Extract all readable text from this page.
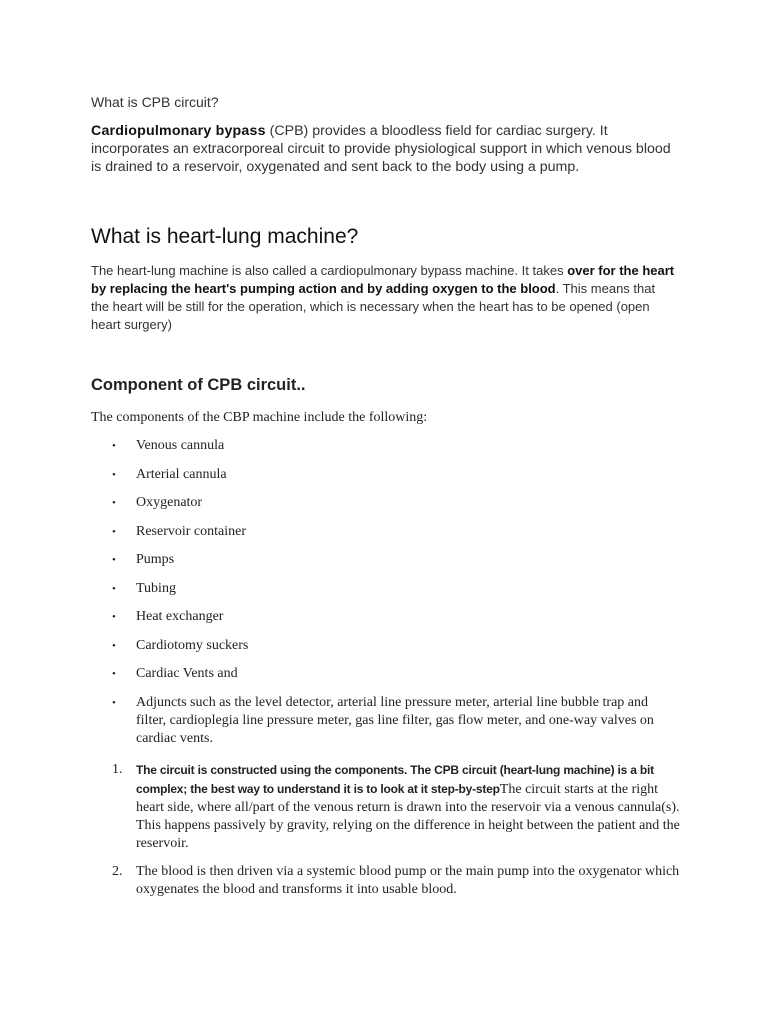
What is CPB circuit?

Cardiopulmonary bypass (CPB) provides a bloodless field for cardiac surgery. It incorporates an extracorporeal circuit to provide physiological support in which venous blood is drained to a reservoir, oxygenated and sent back to the body using a pump.

What is heart-lung machine?

The heart-lung machine is also called a cardiopulmonary bypass machine. It takes over for the heart by replacing the heart's pumping action and by adding oxygen to the blood. This means that the heart will be still for the operation, which is necessary when the heart has to be opened (open heart surgery)

Component of CPB circuit..

The components of the CBP machine include the following:

• Venous cannula
• Arterial cannula
• Oxygenator
• Reservoir container
• Pumps
• Tubing
• Heat exchanger
• Cardiotomy suckers
• Cardiac Vents and
• Adjuncts such as the level detector, arterial line pressure meter, arterial line bubble trap and filter, cardioplegia line pressure meter, gas line filter, gas flow meter, and one-way valves on cardiac vents.
1. The circuit is constructed using the components. The CPB circuit (heart-lung machine) is a bit complex; the best way to understand it is to look at it step-by-stepThe circuit starts at the right heart side, where all/part of the venous return is drawn into the reservoir via a venous cannula(s). This happens passively by gravity, relying on the difference in height between the patient and the reservoir.
2. The blood is then driven via a systemic blood pump or the main pump into the oxygenator which oxygenates the blood and transforms it into usable blood.
